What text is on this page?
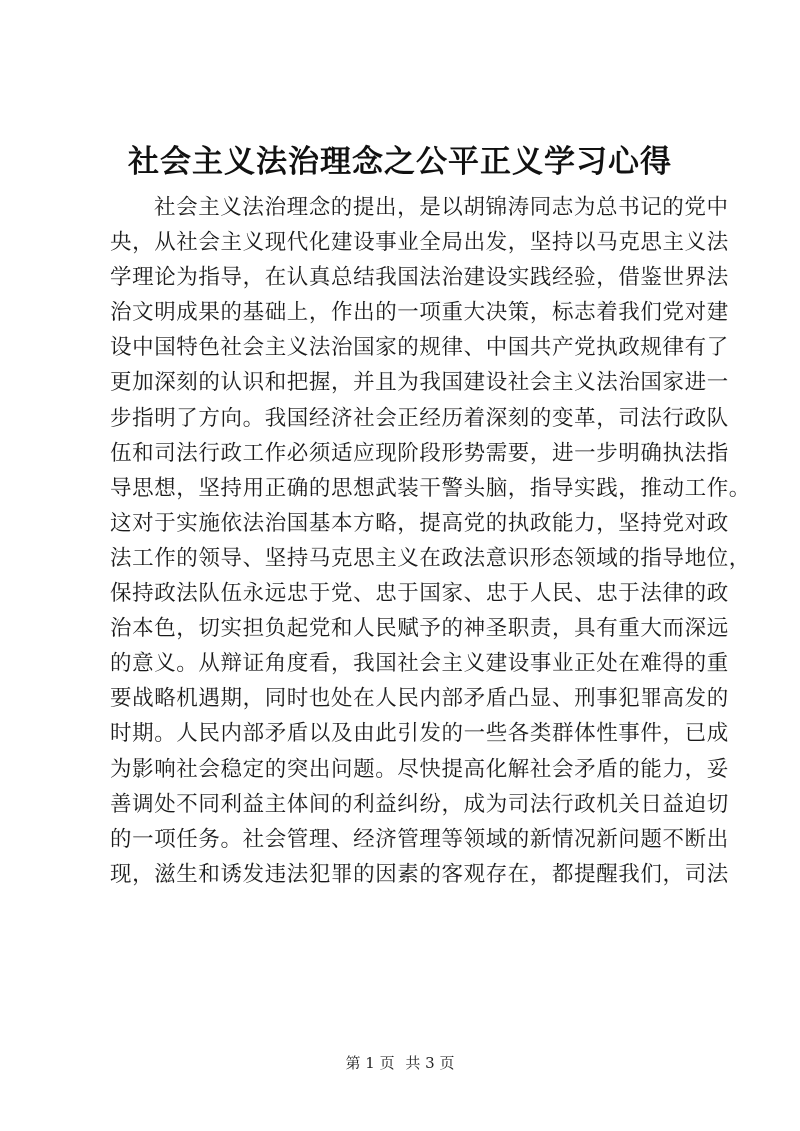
社会主义法治理念之公平正义学习心得
社会主义法治理念的提出，是以胡锦涛同志为总书记的党中
央，从社会主义现代化建设事业全局出发，坚持以马克思主义法
学理论为指导，在认真总结我国法治建设实践经验，借鉴世界法
治文明成果的基础上，作出的一项重大决策，标志着我们党对建
设中国特色社会主义法治国家的规律、中国共产党执政规律有了
更加深刻的认识和把握，并且为我国建设社会主义法治国家进一
步指明了方向。我国经济社会正经历着深刻的变革，司法行政队
伍和司法行政工作必须适应现阶段形势需要，进一步明确执法指
导思想，坚持用正确的思想武装干警头脑，指导实践，推动工作。
这对于实施依法治国基本方略，提高党的执政能力，坚持党对政
法工作的领导、坚持马克思主义在政法意识形态领域的指导地位，
保持政法队伍永远忠于党、忠于国家、忠于人民、忠于法律的政
治本色，切实担负起党和人民赋予的神圣职责，具有重大而深远
的意义。从辩证角度看，我国社会主义建设事业正处在难得的重
要战略机遇期，同时也处在人民内部矛盾凸显、刑事犯罪高发的
时期。人民内部矛盾以及由此引发的一些各类群体性事件，已成
为影响社会稳定的突出问题。尽快提高化解社会矛盾的能力，妥
善调处不同利益主体间的利益纠纷，成为司法行政机关日益迫切
的一项任务。社会管理、经济管理等领域的新情况新问题不断出
现，滋生和诱发违法犯罪的因素的客观存在，都提醒我们，司法
第 1 页 共 3 页
